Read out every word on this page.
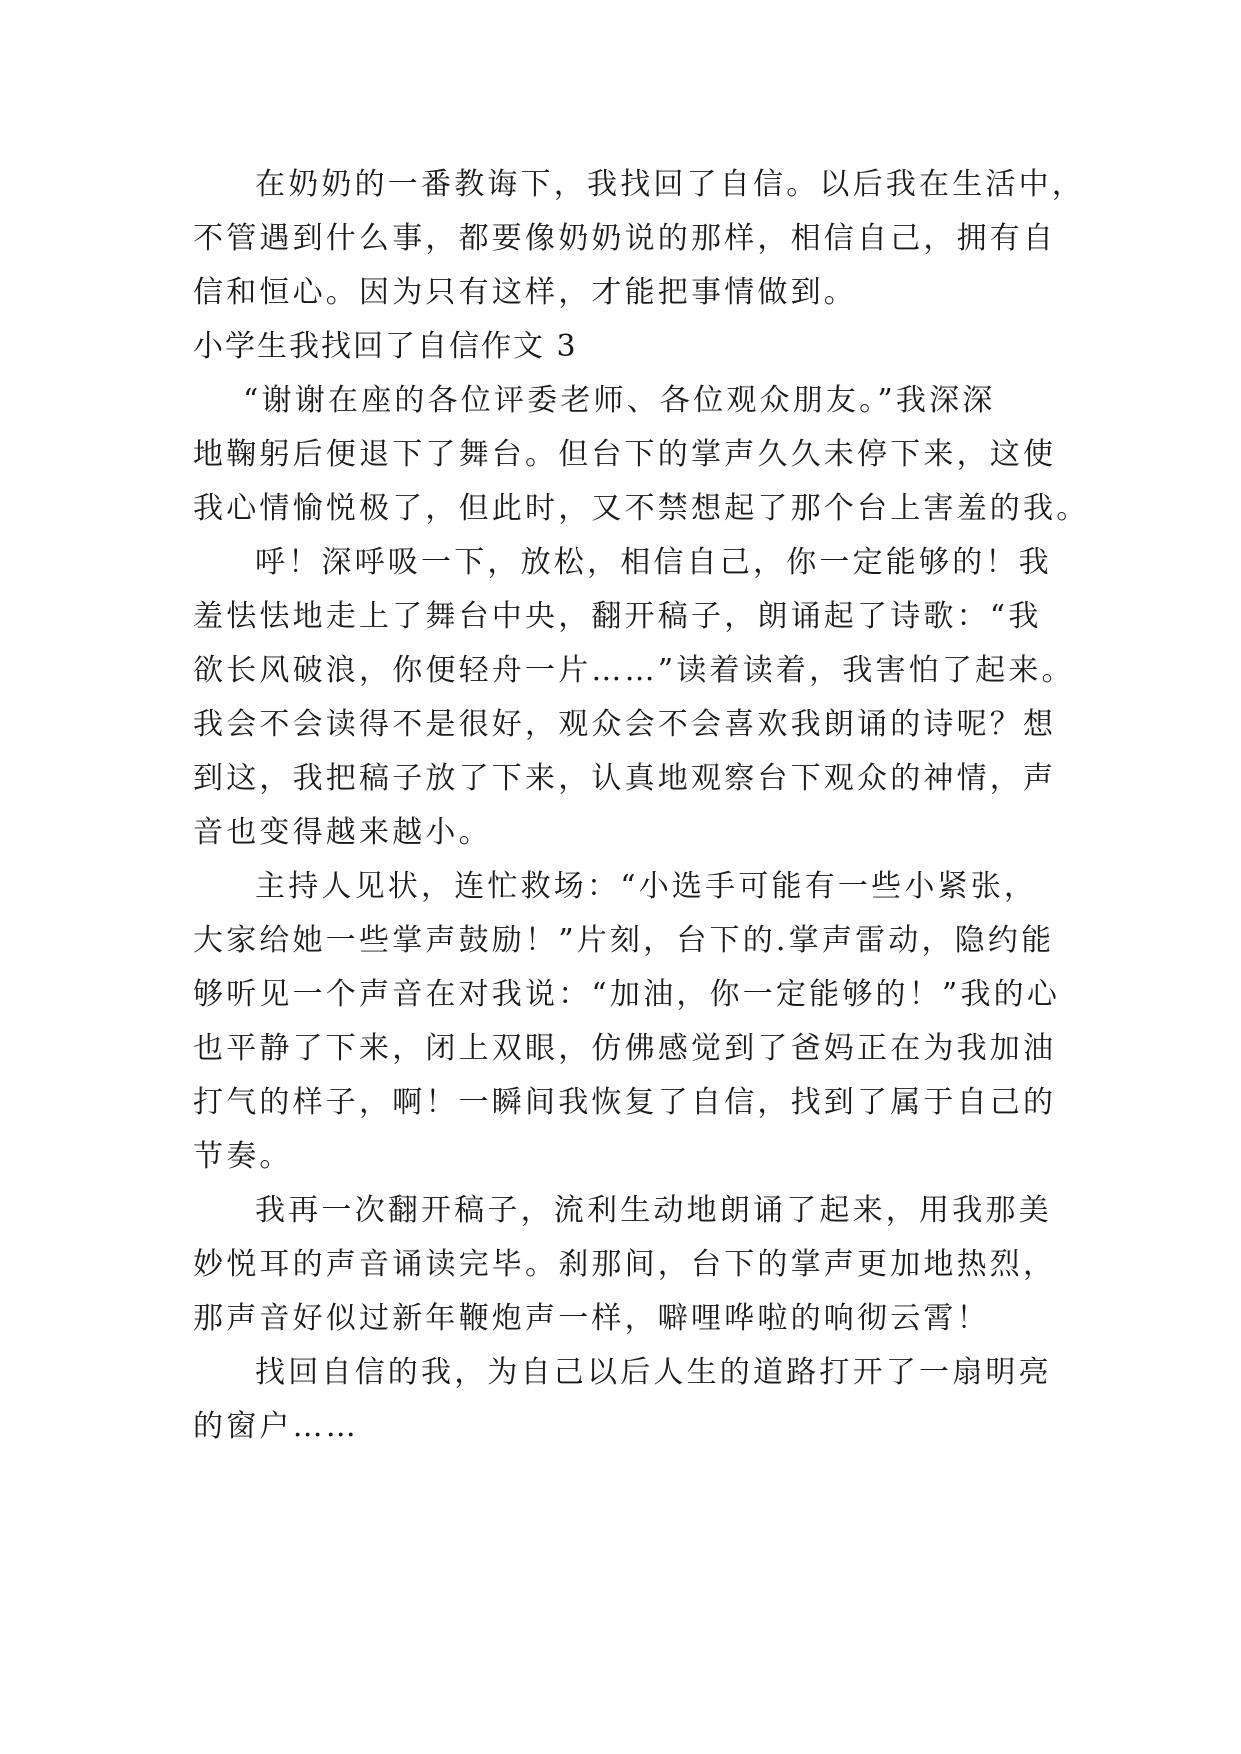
在奶奶的一番教诲下，我找回了自信。以后我在生活中，
不管遇到什么事，都要像奶奶说的那样，相信自己，拥有自
信和恒心。因为只有这样，才能把事情做到。
小学生我找回了自信作文 3
“谢谢在座的各位评委老师、各位观众朋友。”我深深
地鞠躬后便退下了舞台。但台下的掌声久久未停下来，这使
我心情愉悦极了，但此时，又不禁想起了那个台上害羞的我。
呼！深呼吸一下，放松，相信自己，你一定能够的！我
羞怯怯地走上了舞台中央，翻开稿子，朗诵起了诗歌：“我
欲长风破浪，你便轻舟一片……”读着读着，我害怕了起来。
我会不会读得不是很好，观众会不会喜欢我朗诵的诗呢？想
到这，我把稿子放了下来，认真地观察台下观众的神情，声
音也变得越来越小。
主持人见状，连忙救场：“小选手可能有一些小紧张，
大家给她一些掌声鼓励！”片刻，台下的.掌声雷动，隐约能
够听见一个声音在对我说：“加油，你一定能够的！”我的心
也平静了下来，闭上双眼，仿佛感觉到了爸妈正在为我加油
打气的样子，啊！一瞬间我恢复了自信，找到了属于自己的
节奏。
我再一次翻开稿子，流利生动地朗诵了起来，用我那美
妙悦耳的声音诵读完毕。刹那间，台下的掌声更加地热烈，
那声音好似过新年鞭炮声一样，噼哩哗啦的响彻云霄！
找回自信的我，为自己以后人生的道路打开了一扇明亮
的窗户……
